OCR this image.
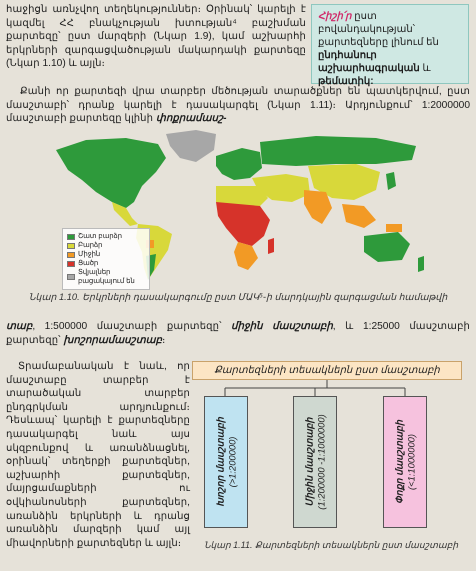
հաջիցն առնչվող տեղեկություններ։ Օրինակ՝ կարելի է կազմել ՀՀ բնակչության խտության⁴ բաշխման քարտեզը՝ ըստ մարզերի (Նկար 1.9), կամ աշխարհի երկրների զարգացվածության մակարդակի քարտեզը (Նկար 1.10) և այլն։

Հիշի՛ր ըստ բովանդակության՝ քարտեզները լինում են ընդհանուր աշխարհագրական և թեմատիկ:

Քանի որ քարտեզի վրա տարբեր մեծության տարածքներ են պատկերվում, ըստ մասշտաբի՝ դրանք կարելի է դասակարգել (Նկար 1.11)։ Արդյունքում՝ 1:2000000 մասշտաբի քարտեզը կլինի փոքրամասշ-

Շատ բարձր
Բարձր
Միջին
Ցածր
Տվյալներ բացակայում են
Նկար 1.10. Երկրների դասակարգումը ըստ ՄԱԿ⁵-ի մարդկային զարգացման համաթվի

տաբ, 1:500000 մասշտաբի քարտեզը՝ միջին մասշտաբի, և 1:25000 մասշտաբի քարտեզը՝ խոշորամասշտաբ։

Տրամաբանական է նաև, որ մասշտաբը տարբեր է տարածական տարբեր ընդգրկման արդյունքում։ Դեսևապ՝ կարելի է քարտեզները դասակարգել նաև այս սկզբունքով և առանձնացնել, օրինակ՝ տեղերքի քարտեզներ, աշխարհի քարտեզներ, մայրցամաքների ու օվկիանոսների քարտեզներ, առանձին երկրների և դրանց առանձին մարզերի կամ այլ միավորների քարտեզներ և այլն։

Քարտեզների տեսակներն ըստ մասշտաբի
Խոշոր մասշտաբի
(>1:200000)	Միջին մասշտաբի
(1:200000 -1:1000000)	Փոքր մասշտաբի
(<1:1000000)
Նկար 1.11. Քարտեզների տեսակներն ըստ մասշտաբի
